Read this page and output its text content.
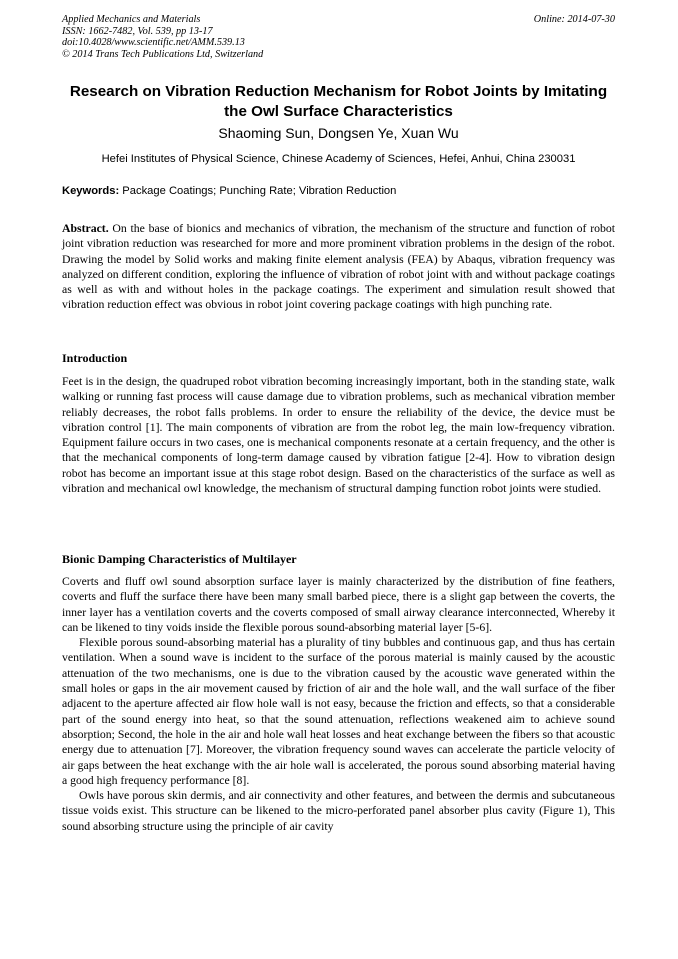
Applied Mechanics and Materials
ISSN: 1662-7482, Vol. 539, pp 13-17
doi:10.4028/www.scientific.net/AMM.539.13
© 2014 Trans Tech Publications Ltd, Switzerland
Online: 2014-07-30
Research on Vibration Reduction Mechanism for Robot Joints by Imitating the Owl Surface Characteristics
Shaoming Sun, Dongsen Ye, Xuan Wu
Hefei Institutes of Physical Science, Chinese Academy of Sciences, Hefei, Anhui, China 230031
Keywords: Package Coatings; Punching Rate; Vibration Reduction

Abstract. On the base of bionics and mechanics of vibration, the mechanism of the structure and function of robot joint vibration reduction was researched for more and more prominent vibration problems in the design of the robot. Drawing the model by Solid works and making finite element analysis (FEA) by Abaqus, vibration frequency was analyzed on different condition, exploring the influence of vibration of robot joint with and without package coatings as well as with and without holes in the package coatings. The experiment and simulation result showed that vibration reduction effect was obvious in robot joint covering package coatings with high punching rate.

Introduction

Feet is in the design, the quadruped robot vibration becoming increasingly important, both in the standing state, walk walking or running fast process will cause damage due to vibration problems, such as mechanical vibration member reliably decreases, the robot falls problems. In order to ensure the reliability of the device, the device must be vibration control [1]. The main components of vibration are from the robot leg, the main low-frequency vibration. Equipment failure occurs in two cases, one is mechanical components resonate at a certain frequency, and the other is that the mechanical components of long-term damage caused by vibration fatigue [2-4]. How to vibration design robot has become an important issue at this stage robot design. Based on the characteristics of the surface as well as vibration and mechanical owl knowledge, the mechanism of structural damping function robot joints were studied.

Bionic Damping Characteristics of Multilayer

Coverts and fluff owl sound absorption surface layer is mainly characterized by the distribution of fine feathers, coverts and fluff the surface there have been many small barbed piece, there is a slight gap between the coverts, the inner layer has a ventilation coverts and the coverts composed of small airway clearance interconnected, Whereby it can be likened to tiny voids inside the flexible porous sound-absorbing material layer [5-6].

Flexible porous sound-absorbing material has a plurality of tiny bubbles and continuous gap, and thus has certain ventilation. When a sound wave is incident to the surface of the porous material is mainly caused by the acoustic attenuation of the two mechanisms, one is due to the vibration caused by the acoustic wave generated within the small holes or gaps in the air movement caused by friction of air and the hole wall, and the wall surface of the fiber adjacent to the aperture affected air flow hole wall is not easy, because the friction and effects, so that a considerable part of the sound energy into heat, so that the sound attenuation, reflections weakened aim to achieve sound absorption; Second, the hole in the air and hole wall heat losses and heat exchange between the fibers so that acoustic energy due to attenuation [7]. Moreover, the vibration frequency sound waves can accelerate the particle velocity of air gaps between the heat exchange with the air hole wall is accelerated, the porous sound absorbing material having a good high frequency performance [8].

Owls have porous skin dermis, and air connectivity and other features, and between the dermis and subcutaneous tissue voids exist. This structure can be likened to the micro-perforated panel absorber plus cavity (Figure 1), This sound absorbing structure using the principle of air cavity
